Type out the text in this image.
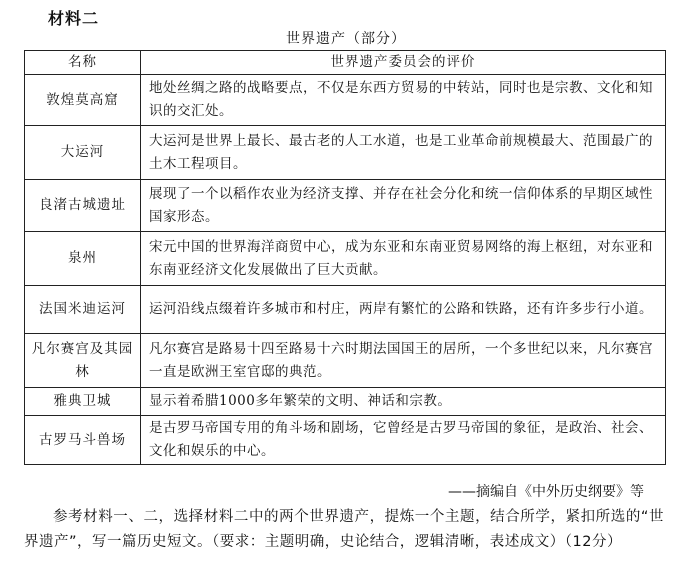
材料二
世界遗产（部分）
名称	世界遗产委员会的评价
敦煌莫高窟	地处丝绸之路的战略要点，不仅是东西方贸易的中转站，同时也是宗教、文化和知识的交汇处。
大运河	大运河是世界上最长、最古老的人工水道，也是工业革命前规模最大、范围最广的土木工程项目。
良渚古城遗址	展现了一个以稻作农业为经济支撑、并存在社会分化和统一信仰体系的早期区域性国家形态。
泉州	宋元中国的世界海洋商贸中心，成为东亚和东南亚贸易网络的海上枢纽，对东亚和东南亚经济文化发展做出了巨大贡献。
法国米迪运河	运河沿线点缀着许多城市和村庄，两岸有繁忙的公路和铁路，还有许多步行小道。
凡尔赛宫及其园林	凡尔赛宫是路易十四至路易十六时期法国国王的居所，一个多世纪以来，凡尔赛宫一直是欧洲王室官邸的典范。
雅典卫城	显示着希腊1000多年繁荣的文明、神话和宗教。
古罗马斗兽场	是古罗马帝国专用的角斗场和剧场，它曾经是古罗马帝国的象征，是政治、社会、文化和娱乐的中心。
——摘编自《中外历史纲要》等
参考材料一、二，选择材料二中的两个世界遗产，提炼一个主题，结合所学，紧扣所选的“世界遗产”，写一篇历史短文。（要求：主题明确，史论结合，逻辑清晰，表述成文）（12分）
